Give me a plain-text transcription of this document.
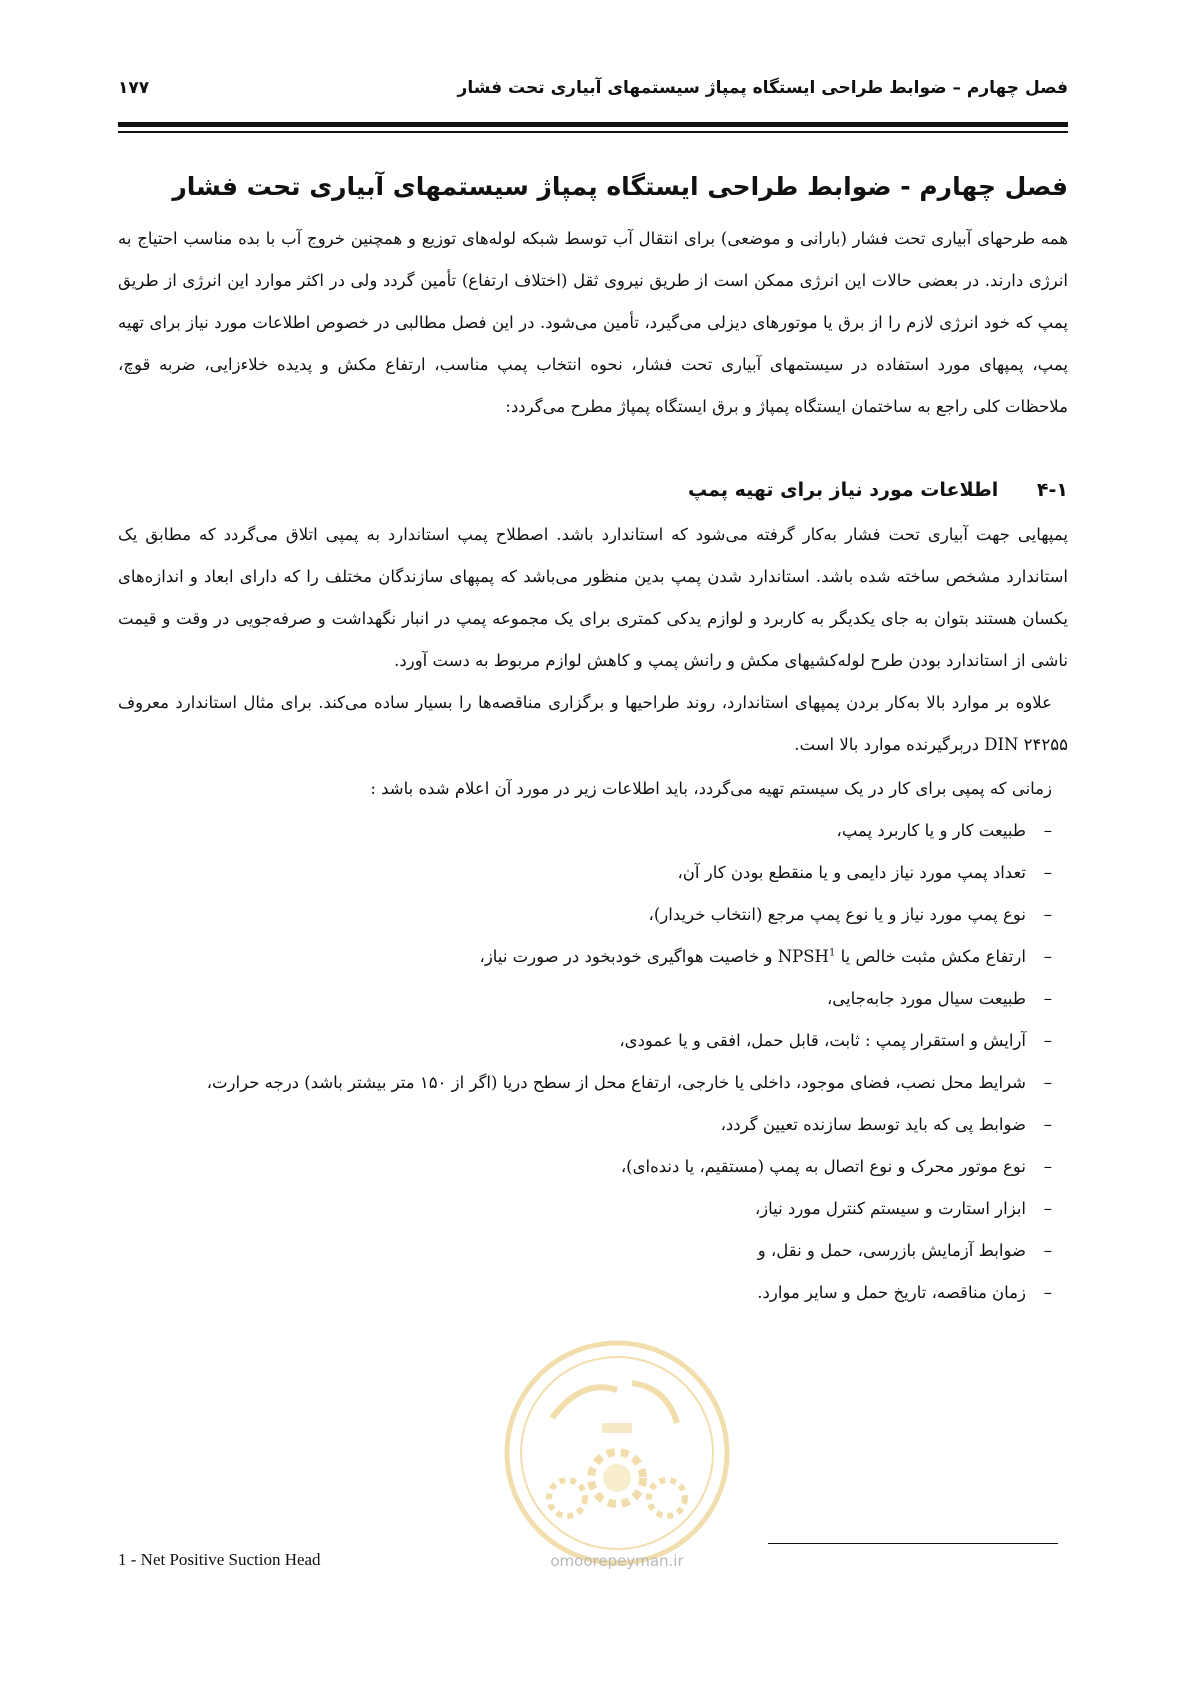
فصل چهارم – ضوابط طراحی ایستگاه پمپاژ سیستمهای آبیاری تحت فشار
۱۷۷
فصل چهارم - ضوابط طراحی ایستگاه پمپاژ سیستمهای آبیاری تحت فشار

همه طرحهای آبیاری تحت فشار (بارانی و موضعی) برای انتقال آب توسط شبکه لوله‌های توزیع و همچنین خروج آب با بده مناسب احتیاج به انرژی دارند. در بعضی حالات این انرژی ممکن است از طریق نیروی ثقل (اختلاف ارتفاع) تأمین گردد ولی در اکثر موارد این انرژی از طریق پمپ که خود انرژی لازم را از برق یا موتورهای دیزلی می‌گیرد، تأمین می‌شود. در این فصل مطالبی در خصوص اطلاعات مورد نیاز برای تهیه پمپ، پمپهای مورد استفاده در سیستمهای آبیاری تحت فشار، نحوه انتخاب پمپ مناسب، ارتفاع مکش و پدیده خلاءزایی، ضربه قوچ، ملاحظات کلی راجع به ساختمان ایستگاه پمپاژ و برق ایستگاه پمپاژ مطرح می‌گردد:

۴-۱ اطلاعات مورد نیاز برای تهیه پمپ

پمپهایی جهت آبیاری تحت فشار به‌کار گرفته می‌شود که استاندارد باشد. اصطلاح پمپ استاندارد به پمپی اتلاق می‌گردد که مطابق یک استاندارد مشخص ساخته شده باشد. استاندارد شدن پمپ بدین منظور می‌باشد که پمپهای سازندگان مختلف را که دارای ابعاد و اندازه‌های یکسان هستند بتوان به جای یکدیگر به کاربرد و لوازم یدکی کمتری برای یک مجموعه پمپ در انبار نگهداشت و صرفه‌جویی در وقت و قیمت ناشی از استاندارد بودن طرح لوله‌کشیهای مکش و رانش پمپ و کاهش لوازم مربوط به دست آورد.

علاوه بر موارد بالا به‌کار بردن پمپهای استاندارد، روند طراحیها و برگزاری مناقصه‌ها را بسیار ساده می‌کند. برای مثال استاندارد معروف DIN ۲۴۲۵۵ دربرگیرنده موارد بالا است.

زمانی که پمپی برای کار در یک سیستم تهیه می‌گردد، باید اطلاعات زیر در مورد آن اعلام شده باشد :

–
طبیعت کار و یا کاربرد پمپ،
–
تعداد پمپ مورد نیاز دایمی و یا منقطع بودن کار آن،
–
نوع پمپ مورد نیاز و یا نوع پمپ مرجع (انتخاب خریدار)،
–
ارتفاع مکش مثبت خالص یا NPSH$^1$ و خاصیت هواگیری خودبخود در صورت نیاز،
–
طبیعت سیال مورد جابه‌جایی،
–
آرایش و استقرار پمپ : ثابت، قابل حمل، افقی و یا عمودی،
–
شرایط محل نصب، فضای موجود، داخلی یا خارجی، ارتفاع محل از سطح دریا (اگر از ۱۵۰ متر بیشتر باشد) درجه حرارت،
–
ضوابط پی که باید توسط سازنده تعیین گردد،
–
نوع موتور محرک و نوع اتصال به پمپ (مستقیم، یا دنده‌ای)،
–
ابزار استارت و سیستم کنترل مورد نیاز،
–
ضوابط آزمایش بازرسی، حمل و نقل، و
–
زمان مناقصه، تاریخ حمل و سایر موارد.
omoorepeyman.ir
1 - Net Positive Suction Head
